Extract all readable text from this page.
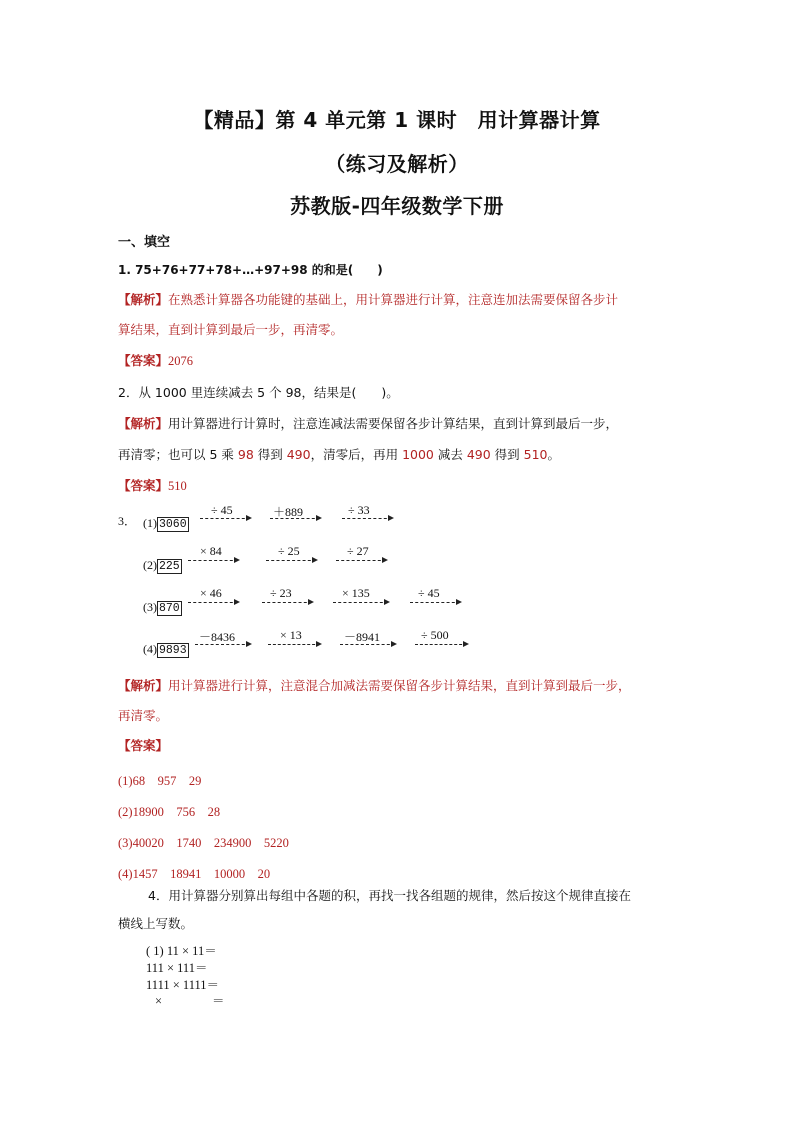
【精品】第 4 单元第 1 课时　用计算器计算
（练习及解析）
苏教版-四年级数学下册
一、填空
1. 75+76+77+78+…+97+98 的和是(　　)
【解析】在熟悉计算器各功能键的基础上，用计算器进行计算，注意连加法需要保留各步计
算结果，直到计算到最后一步，再清零。
【答案】2076
2．从 1000 里连续减去 5 个 98，结果是(　　)。
【解析】用计算器进行计算时，注意连减法需要保留各步计算结果，直到计算到最后一步，
再清零；也可以 5 乘 98 得到 490，清零后，再用 1000 减去 490 得到 510。
【答案】510
3． (1) 3060
÷ 45	＋889	÷ 33
(2) 225
× 84	÷ 25	÷ 27
(3) 870
× 46	÷ 23	× 135	÷ 45
(4) 9893
－8436	× 13	－8941	÷ 500
【解析】用计算器进行计算，注意混合加减法需要保留各步计算结果，直到计算到最后一步，
再清零。
【答案】
(1)68　957　29
(2)18900　756　28
(3)40020　1740　234900　5220
(4)1457　18941　10000　20
4．用计算器分别算出每组中各题的积，再找一找各组题的规律，然后按这个规律直接在
横线上写数。
( 1) 11 × 11＝
111 × 111＝
1111 × 1111＝
×　　　　＝
